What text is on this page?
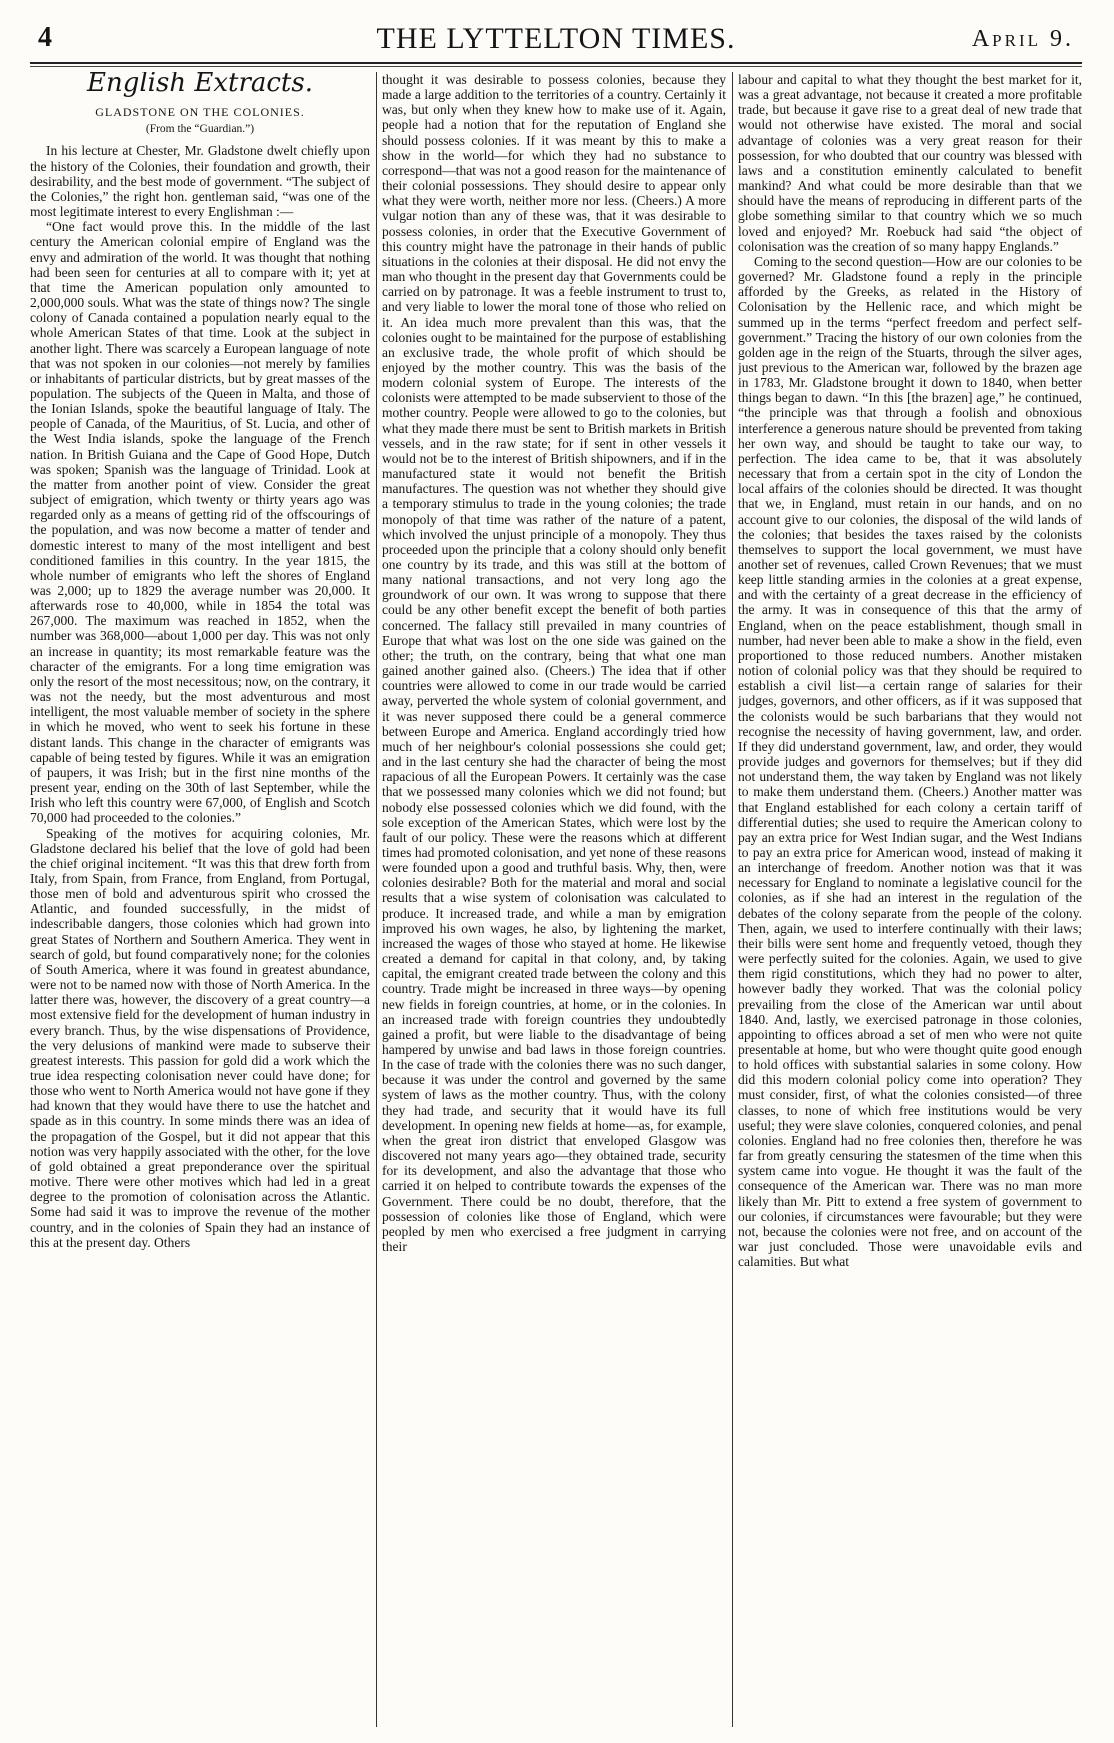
4	THE LYTTELTON TIMES.	April 9.
English Extracts.
GLADSTONE ON THE COLONIES.
(From the “Guardian.”)

In his lecture at Chester, Mr. Gladstone dwelt chiefly upon the history of the Colonies, their foundation and growth, their desirability, and the best mode of government. “The subject of the Colonies,” the right hon. gentleman said, “was one of the most legitimate interest to every Englishman :—

“One fact would prove this. In the middle of the last century the American colonial empire of England was the envy and admiration of the world. It was thought that nothing had been seen for centuries at all to compare with it; yet at that time the American population only amounted to 2,000,000 souls. What was the state of things now? The single colony of Canada contained a population nearly equal to the whole American States of that time. Look at the subject in another light. There was scarcely a European language of note that was not spoken in our colonies—not merely by families or inhabitants of particular districts, but by great masses of the population. The subjects of the Queen in Malta, and those of the Ionian Islands, spoke the beautiful language of Italy. The people of Canada, of the Mauritius, of St. Lucia, and other of the West India islands, spoke the language of the French nation. In British Guiana and the Cape of Good Hope, Dutch was spoken; Spanish was the language of Trinidad. Look at the matter from another point of view. Consider the great subject of emigration, which twenty or thirty years ago was regarded only as a means of getting rid of the offscourings of the population, and was now become a matter of tender and domestic interest to many of the most intelligent and best conditioned families in this country. In the year 1815, the whole number of emigrants who left the shores of England was 2,000; up to 1829 the average number was 20,000. It afterwards rose to 40,000, while in 1854 the total was 267,000. The maximum was reached in 1852, when the number was 368,000—about 1,000 per day. This was not only an increase in quantity; its most remarkable feature was the character of the emigrants. For a long time emigration was only the resort of the most necessitous; now, on the contrary, it was not the needy, but the most adventurous and most intelligent, the most valuable member of society in the sphere in which he moved, who went to seek his fortune in these distant lands. This change in the character of emigrants was capable of being tested by figures. While it was an emigration of paupers, it was Irish; but in the first nine months of the present year, ending on the 30th of last September, while the Irish who left this country were 67,000, of English and Scotch 70,000 had proceeded to the colonies.”

Speaking of the motives for acquiring colonies, Mr. Gladstone declared his belief that the love of gold had been the chief original incitement. “It was this that drew forth from Italy, from Spain, from France, from England, from Portugal, those men of bold and adventurous spirit who crossed the Atlantic, and founded successfully, in the midst of indescribable dangers, those colonies which had grown into great States of Northern and Southern America. They went in search of gold, but found comparatively none; for the colonies of South America, where it was found in greatest abundance, were not to be named now with those of North America. In the latter there was, however, the discovery of a great country—a most extensive field for the development of human industry in every branch. Thus, by the wise dispensations of Providence, the very delusions of mankind were made to subserve their greatest interests. This passion for gold did a work which the true idea respecting colonisation never could have done; for those who went to North America would not have gone if they had known that they would have there to use the hatchet and spade as in this country. In some minds there was an idea of the propagation of the Gospel, but it did not appear that this notion was very happily associated with the other, for the love of gold obtained a great preponderance over the spiritual motive. There were other motives which had led in a great degree to the promotion of colonisation across the Atlantic. Some had said it was to improve the revenue of the mother country, and in the colonies of Spain they had an instance of this at the present day. Others

thought it was desirable to possess colonies, because they made a large addition to the territories of a country. Certainly it was, but only when they knew how to make use of it. Again, people had a notion that for the reputation of England she should possess colonies. If it was meant by this to make a show in the world—for which they had no substance to correspond—that was not a good reason for the maintenance of their colonial possessions. They should desire to appear only what they were worth, neither more nor less. (Cheers.) A more vulgar notion than any of these was, that it was desirable to possess colonies, in order that the Executive Government of this country might have the patronage in their hands of public situations in the colonies at their disposal. He did not envy the man who thought in the present day that Governments could be carried on by patronage. It was a feeble instrument to trust to, and very liable to lower the moral tone of those who relied on it. An idea much more prevalent than this was, that the colonies ought to be maintained for the purpose of establishing an exclusive trade, the whole profit of which should be enjoyed by the mother country. This was the basis of the modern colonial system of Europe. The interests of the colonists were attempted to be made subservient to those of the mother country. People were allowed to go to the colonies, but what they made there must be sent to British markets in British vessels, and in the raw state; for if sent in other vessels it would not be to the interest of British shipowners, and if in the manufactured state it would not benefit the British manufactures. The question was not whether they should give a temporary stimulus to trade in the young colonies; the trade monopoly of that time was rather of the nature of a patent, which involved the unjust principle of a monopoly. They thus proceeded upon the principle that a colony should only benefit one country by its trade, and this was still at the bottom of many national transactions, and not very long ago the groundwork of our own. It was wrong to suppose that there could be any other benefit except the benefit of both parties concerned. The fallacy still prevailed in many countries of Europe that what was lost on the one side was gained on the other; the truth, on the contrary, being that what one man gained another gained also. (Cheers.) The idea that if other countries were allowed to come in our trade would be carried away, perverted the whole system of colonial government, and it was never supposed there could be a general commerce between Europe and America. England accordingly tried how much of her neighbour's colonial possessions she could get; and in the last century she had the character of being the most rapacious of all the European Powers. It certainly was the case that we possessed many colonies which we did not found; but nobody else possessed colonies which we did found, with the sole exception of the American States, which were lost by the fault of our policy. These were the reasons which at different times had promoted colonisation, and yet none of these reasons were founded upon a good and truthful basis. Why, then, were colonies desirable? Both for the material and moral and social results that a wise system of colonisation was calculated to produce. It increased trade, and while a man by emigration improved his own wages, he also, by lightening the market, increased the wages of those who stayed at home. He likewise created a demand for capital in that colony, and, by taking capital, the emigrant created trade between the colony and this country. Trade might be increased in three ways—by opening new fields in foreign countries, at home, or in the colonies. In an increased trade with foreign countries they undoubtedly gained a profit, but were liable to the disadvantage of being hampered by unwise and bad laws in those foreign countries. In the case of trade with the colonies there was no such danger, because it was under the control and governed by the same system of laws as the mother country. Thus, with the colony they had trade, and security that it would have its full development. In opening new fields at home—as, for example, when the great iron district that enveloped Glasgow was discovered not many years ago—they obtained trade, security for its development, and also the advantage that those who carried it on helped to contribute towards the expenses of the Government. There could be no doubt, therefore, that the possession of colonies like those of England, which were peopled by men who exercised a free judgment in carrying their

labour and capital to what they thought the best market for it, was a great advantage, not because it created a more profitable trade, but because it gave rise to a great deal of new trade that would not otherwise have existed. The moral and social advantage of colonies was a very great reason for their possession, for who doubted that our country was blessed with laws and a constitution eminently calculated to benefit mankind? And what could be more desirable than that we should have the means of reproducing in different parts of the globe something similar to that country which we so much loved and enjoyed? Mr. Roebuck had said “the object of colonisation was the creation of so many happy Englands.”

Coming to the second question—How are our colonies to be governed? Mr. Gladstone found a reply in the principle afforded by the Greeks, as related in the History of Colonisation by the Hellenic race, and which might be summed up in the terms “perfect freedom and perfect self-government.” Tracing the history of our own colonies from the golden age in the reign of the Stuarts, through the silver ages, just previous to the American war, followed by the brazen age in 1783, Mr. Gladstone brought it down to 1840, when better things began to dawn. “In this [the brazen] age,” he continued, “the principle was that through a foolish and obnoxious interference a generous nature should be prevented from taking her own way, and should be taught to take our way, to perfection. The idea came to be, that it was absolutely necessary that from a certain spot in the city of London the local affairs of the colonies should be directed. It was thought that we, in England, must retain in our hands, and on no account give to our colonies, the disposal of the wild lands of the colonies; that besides the taxes raised by the colonists themselves to support the local government, we must have another set of revenues, called Crown Revenues; that we must keep little standing armies in the colonies at a great expense, and with the certainty of a great decrease in the efficiency of the army. It was in consequence of this that the army of England, when on the peace establishment, though small in number, had never been able to make a show in the field, even proportioned to those reduced numbers. Another mistaken notion of colonial policy was that they should be required to establish a civil list—a certain range of salaries for their judges, governors, and other officers, as if it was supposed that the colonists would be such barbarians that they would not recognise the necessity of having government, law, and order. If they did understand government, law, and order, they would provide judges and governors for themselves; but if they did not understand them, the way taken by England was not likely to make them understand them. (Cheers.) Another matter was that England established for each colony a certain tariff of differential duties; she used to require the American colony to pay an extra price for West Indian sugar, and the West Indians to pay an extra price for American wood, instead of making it an interchange of freedom. Another notion was that it was necessary for England to nominate a legislative council for the colonies, as if she had an interest in the regulation of the debates of the colony separate from the people of the colony. Then, again, we used to interfere continually with their laws; their bills were sent home and frequently vetoed, though they were perfectly suited for the colonies. Again, we used to give them rigid constitutions, which they had no power to alter, however badly they worked. That was the colonial policy prevailing from the close of the American war until about 1840. And, lastly, we exercised patronage in those colonies, appointing to offices abroad a set of men who were not quite presentable at home, but who were thought quite good enough to hold offices with substantial salaries in some colony. How did this modern colonial policy come into operation? They must consider, first, of what the colonies consisted—of three classes, to none of which free institutions would be very useful; they were slave colonies, conquered colonies, and penal colonies. England had no free colonies then, therefore he was far from greatly censuring the statesmen of the time when this system came into vogue. He thought it was the fault of the consequence of the American war. There was no man more likely than Mr. Pitt to extend a free system of government to our colonies, if circumstances were favourable; but they were not, because the colonies were not free, and on account of the war just concluded. Those were unavoidable evils and calamities. But what
